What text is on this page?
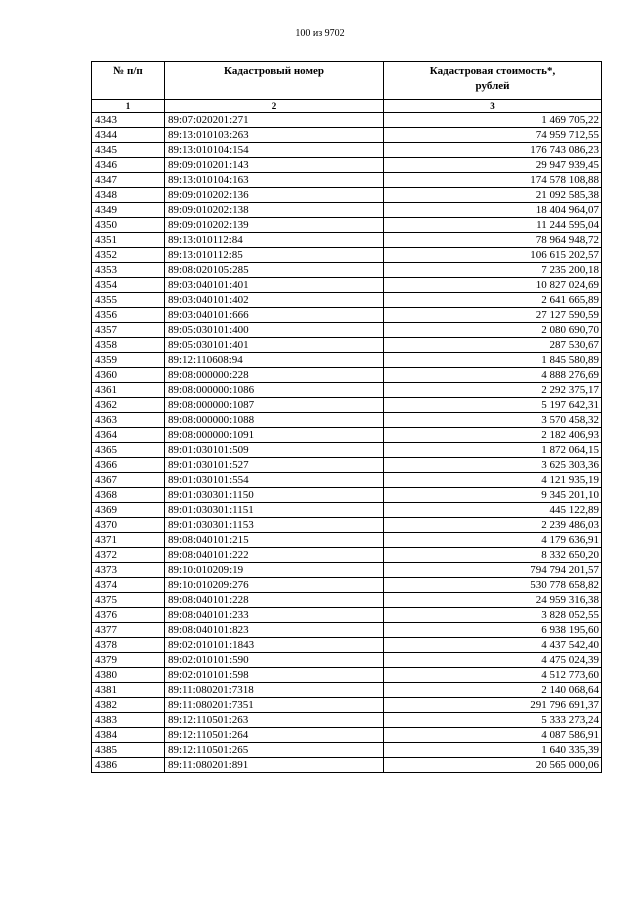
100 из 9702
№ п/п	Кадастровый номер	Кадастровая стоимость*,
рублей
1	2	3
4343	89:07:020201:271	1 469 705,22
4344	89:13:010103:263	74 959 712,55
4345	89:13:010104:154	176 743 086,23
4346	89:09:010201:143	29 947 939,45
4347	89:13:010104:163	174 578 108,88
4348	89:09:010202:136	21 092 585,38
4349	89:09:010202:138	18 404 964,07
4350	89:09:010202:139	11 244 595,04
4351	89:13:010112:84	78 964 948,72
4352	89:13:010112:85	106 615 202,57
4353	89:08:020105:285	7 235 200,18
4354	89:03:040101:401	10 827 024,69
4355	89:03:040101:402	2 641 665,89
4356	89:03:040101:666	27 127 590,59
4357	89:05:030101:400	2 080 690,70
4358	89:05:030101:401	287 530,67
4359	89:12:110608:94	1 845 580,89
4360	89:08:000000:228	4 888 276,69
4361	89:08:000000:1086	2 292 375,17
4362	89:08:000000:1087	5 197 642,31
4363	89:08:000000:1088	3 570 458,32
4364	89:08:000000:1091	2 182 406,93
4365	89:01:030101:509	1 872 064,15
4366	89:01:030101:527	3 625 303,36
4367	89:01:030101:554	4 121 935,19
4368	89:01:030301:1150	9 345 201,10
4369	89:01:030301:1151	445 122,89
4370	89:01:030301:1153	2 239 486,03
4371	89:08:040101:215	4 179 636,91
4372	89:08:040101:222	8 332 650,20
4373	89:10:010209:19	794 794 201,57
4374	89:10:010209:276	530 778 658,82
4375	89:08:040101:228	24 959 316,38
4376	89:08:040101:233	3 828 052,55
4377	89:08:040101:823	6 938 195,60
4378	89:02:010101:1843	4 437 542,40
4379	89:02:010101:590	4 475 024,39
4380	89:02:010101:598	4 512 773,60
4381	89:11:080201:7318	2 140 068,64
4382	89:11:080201:7351	291 796 691,37
4383	89:12:110501:263	5 333 273,24
4384	89:12:110501:264	4 087 586,91
4385	89:12:110501:265	1 640 335,39
4386	89:11:080201:891	20 565 000,06
